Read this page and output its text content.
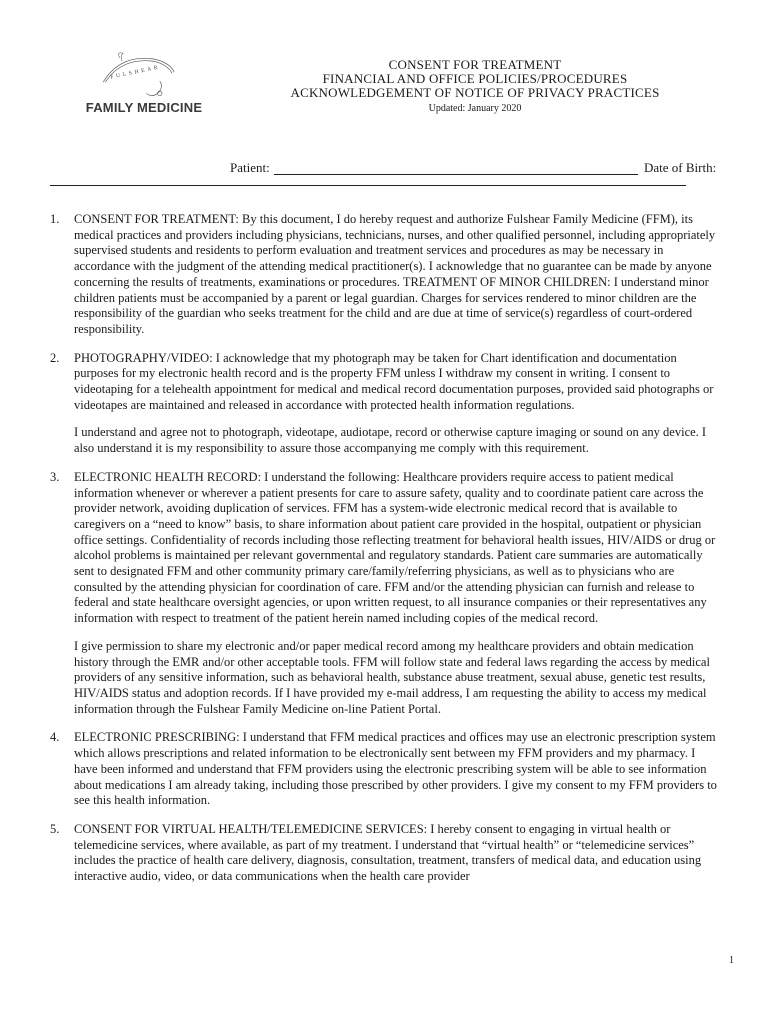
FULSHEAR
FAMILY MEDICINE
CONSENT FOR TREATMENT
FINANCIAL AND OFFICE POLICIES/PROCEDURES
ACKNOWLEDGEMENT OF NOTICE OF PRIVACY PRACTICES
Updated: January 2020
Patient:	Date of Birth:
1. CONSENT FOR TREATMENT: By this document, I do hereby request and authorize Fulshear Family Medicine (FFM), its medical practices and providers including physicians, technicians, nurses, and other qualified personnel, including appropriately supervised students and residents to perform evaluation and treatment services and procedures as may be necessary in accordance with the judgment of the attending medical practitioner(s). I acknowledge that no guarantee can be made by anyone concerning the results of treatments, examinations or procedures. TREATMENT OF MINOR CHILDREN: I understand minor children patients must be accompanied by a parent or legal guardian. Charges for services rendered to minor children are the responsibility of the guardian who seeks treatment for the child and are due at time of service(s) regardless of court-ordered responsibility.

2. PHOTOGRAPHY/VIDEO: I acknowledge that my photograph may be taken for Chart identification and documentation purposes for my electronic health record and is the property FFM unless I withdraw my consent in writing. I consent to videotaping for a telehealth appointment for medical and medical record documentation purposes, provided said photographs or videotapes are maintained and released in accordance with protected health information regulations.

I understand and agree not to photograph, videotape, audiotape, record or otherwise capture imaging or sound on any device. I also understand it is my responsibility to assure those accompanying me comply with this requirement.

3. ELECTRONIC HEALTH RECORD: I understand the following: Healthcare providers require access to patient medical information whenever or wherever a patient presents for care to assure safety, quality and to coordinate patient care across the provider network, avoiding duplication of services. FFM has a system-wide electronic medical record that is available to caregivers on a “need to know” basis, to share information about patient care provided in the hospital, outpatient or physician office settings. Confidentiality of records including those reflecting treatment for behavioral health issues, HIV/AIDS or drug or alcohol problems is maintained per relevant governmental and regulatory standards. Patient care summaries are automatically sent to designated FFM and other community primary care/family/referring physicians, as well as to physicians who are consulted by the attending physician for coordination of care. FFM and/or the attending physician can furnish and release to federal and state healthcare oversight agencies, or upon written request, to all insurance companies or their representatives any information with respect to treatment of the patient herein named including copies of the medical record.

I give permission to share my electronic and/or paper medical record among my healthcare providers and obtain medication history through the EMR and/or other acceptable tools. FFM will follow state and federal laws regarding the access by medical providers of any sensitive information, such as behavioral health, substance abuse treatment, sexual abuse, genetic test results, HIV/AIDS status and adoption records. If I have provided my e-mail address, I am requesting the ability to access my medical information through the Fulshear Family Medicine on-line Patient Portal.

4. ELECTRONIC PRESCRIBING: I understand that FFM medical practices and offices may use an electronic prescription system which allows prescriptions and related information to be electronically sent between my FFM providers and my pharmacy. I have been informed and understand that FFM providers using the electronic prescribing system will be able to see information about medications I am already taking, including those prescribed by other providers. I give my consent to my FFM providers to see this health information.

5. CONSENT FOR VIRTUAL HEALTH/TELEMEDICINE SERVICES: I hereby consent to engaging in virtual health or telemedicine services, where available, as part of my treatment. I understand that “virtual health” or “telemedicine services” includes the practice of health care delivery, diagnosis, consultation, treatment, transfers of medical data, and education using interactive audio, video, or data communications when the health care provider

1
